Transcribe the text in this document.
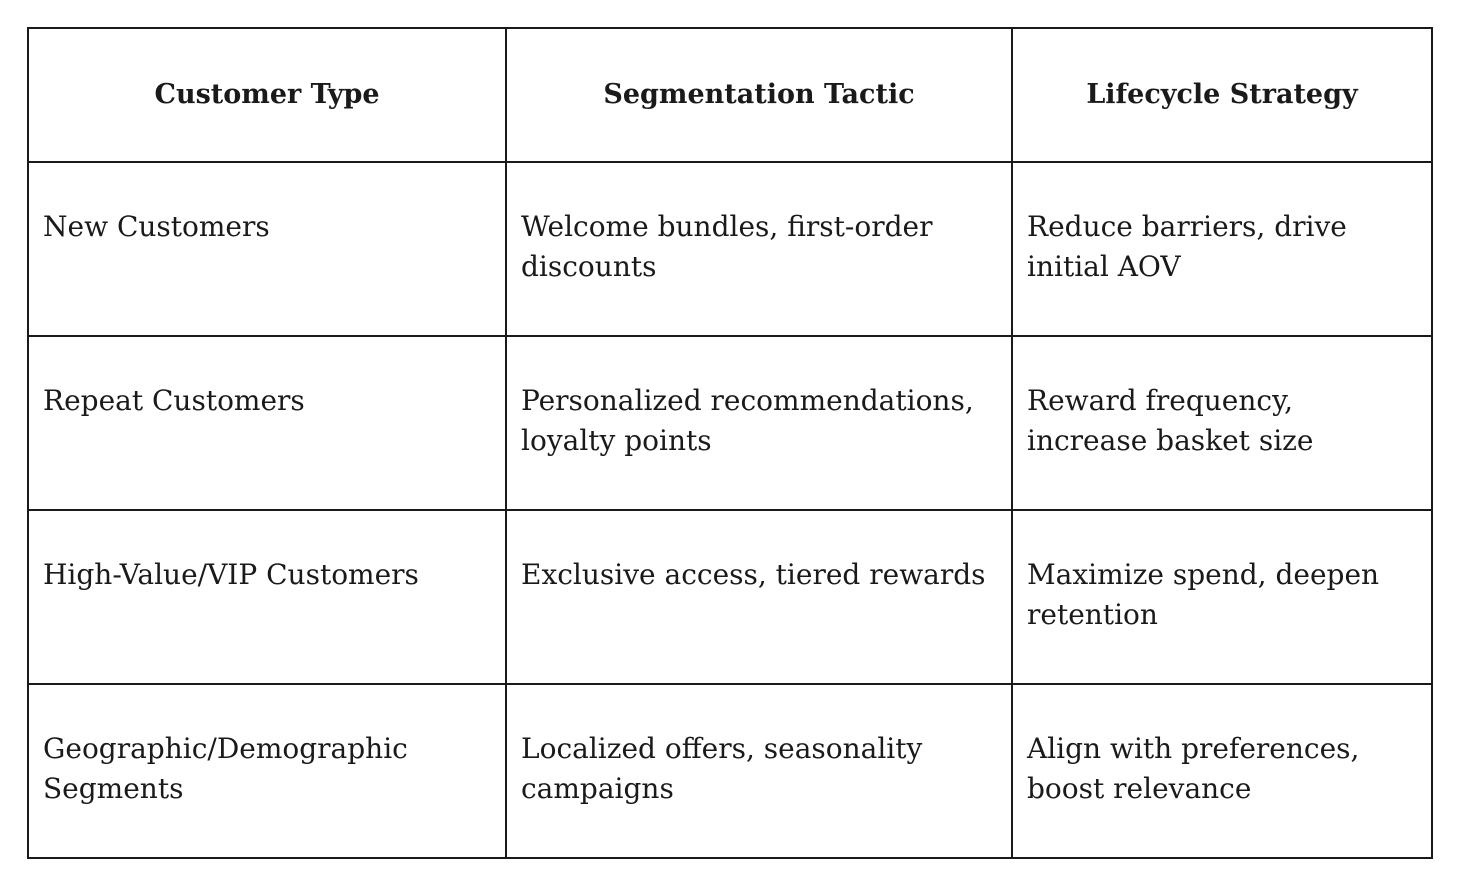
Customer Type	Segmentation Tactic	Lifecycle Strategy

New Customers	Welcome bundles, first-order discounts	Reduce barriers, drive initial AOV

Repeat Customers	Personalized recommendations, loyalty points	Reward frequency, increase basket size

High-Value/VIP Customers	Exclusive access, tiered rewards	Maximize spend, deepen retention

Geographic/Demographic Segments	Localized offers, seasonality campaigns	Align with preferences, boost relevance
